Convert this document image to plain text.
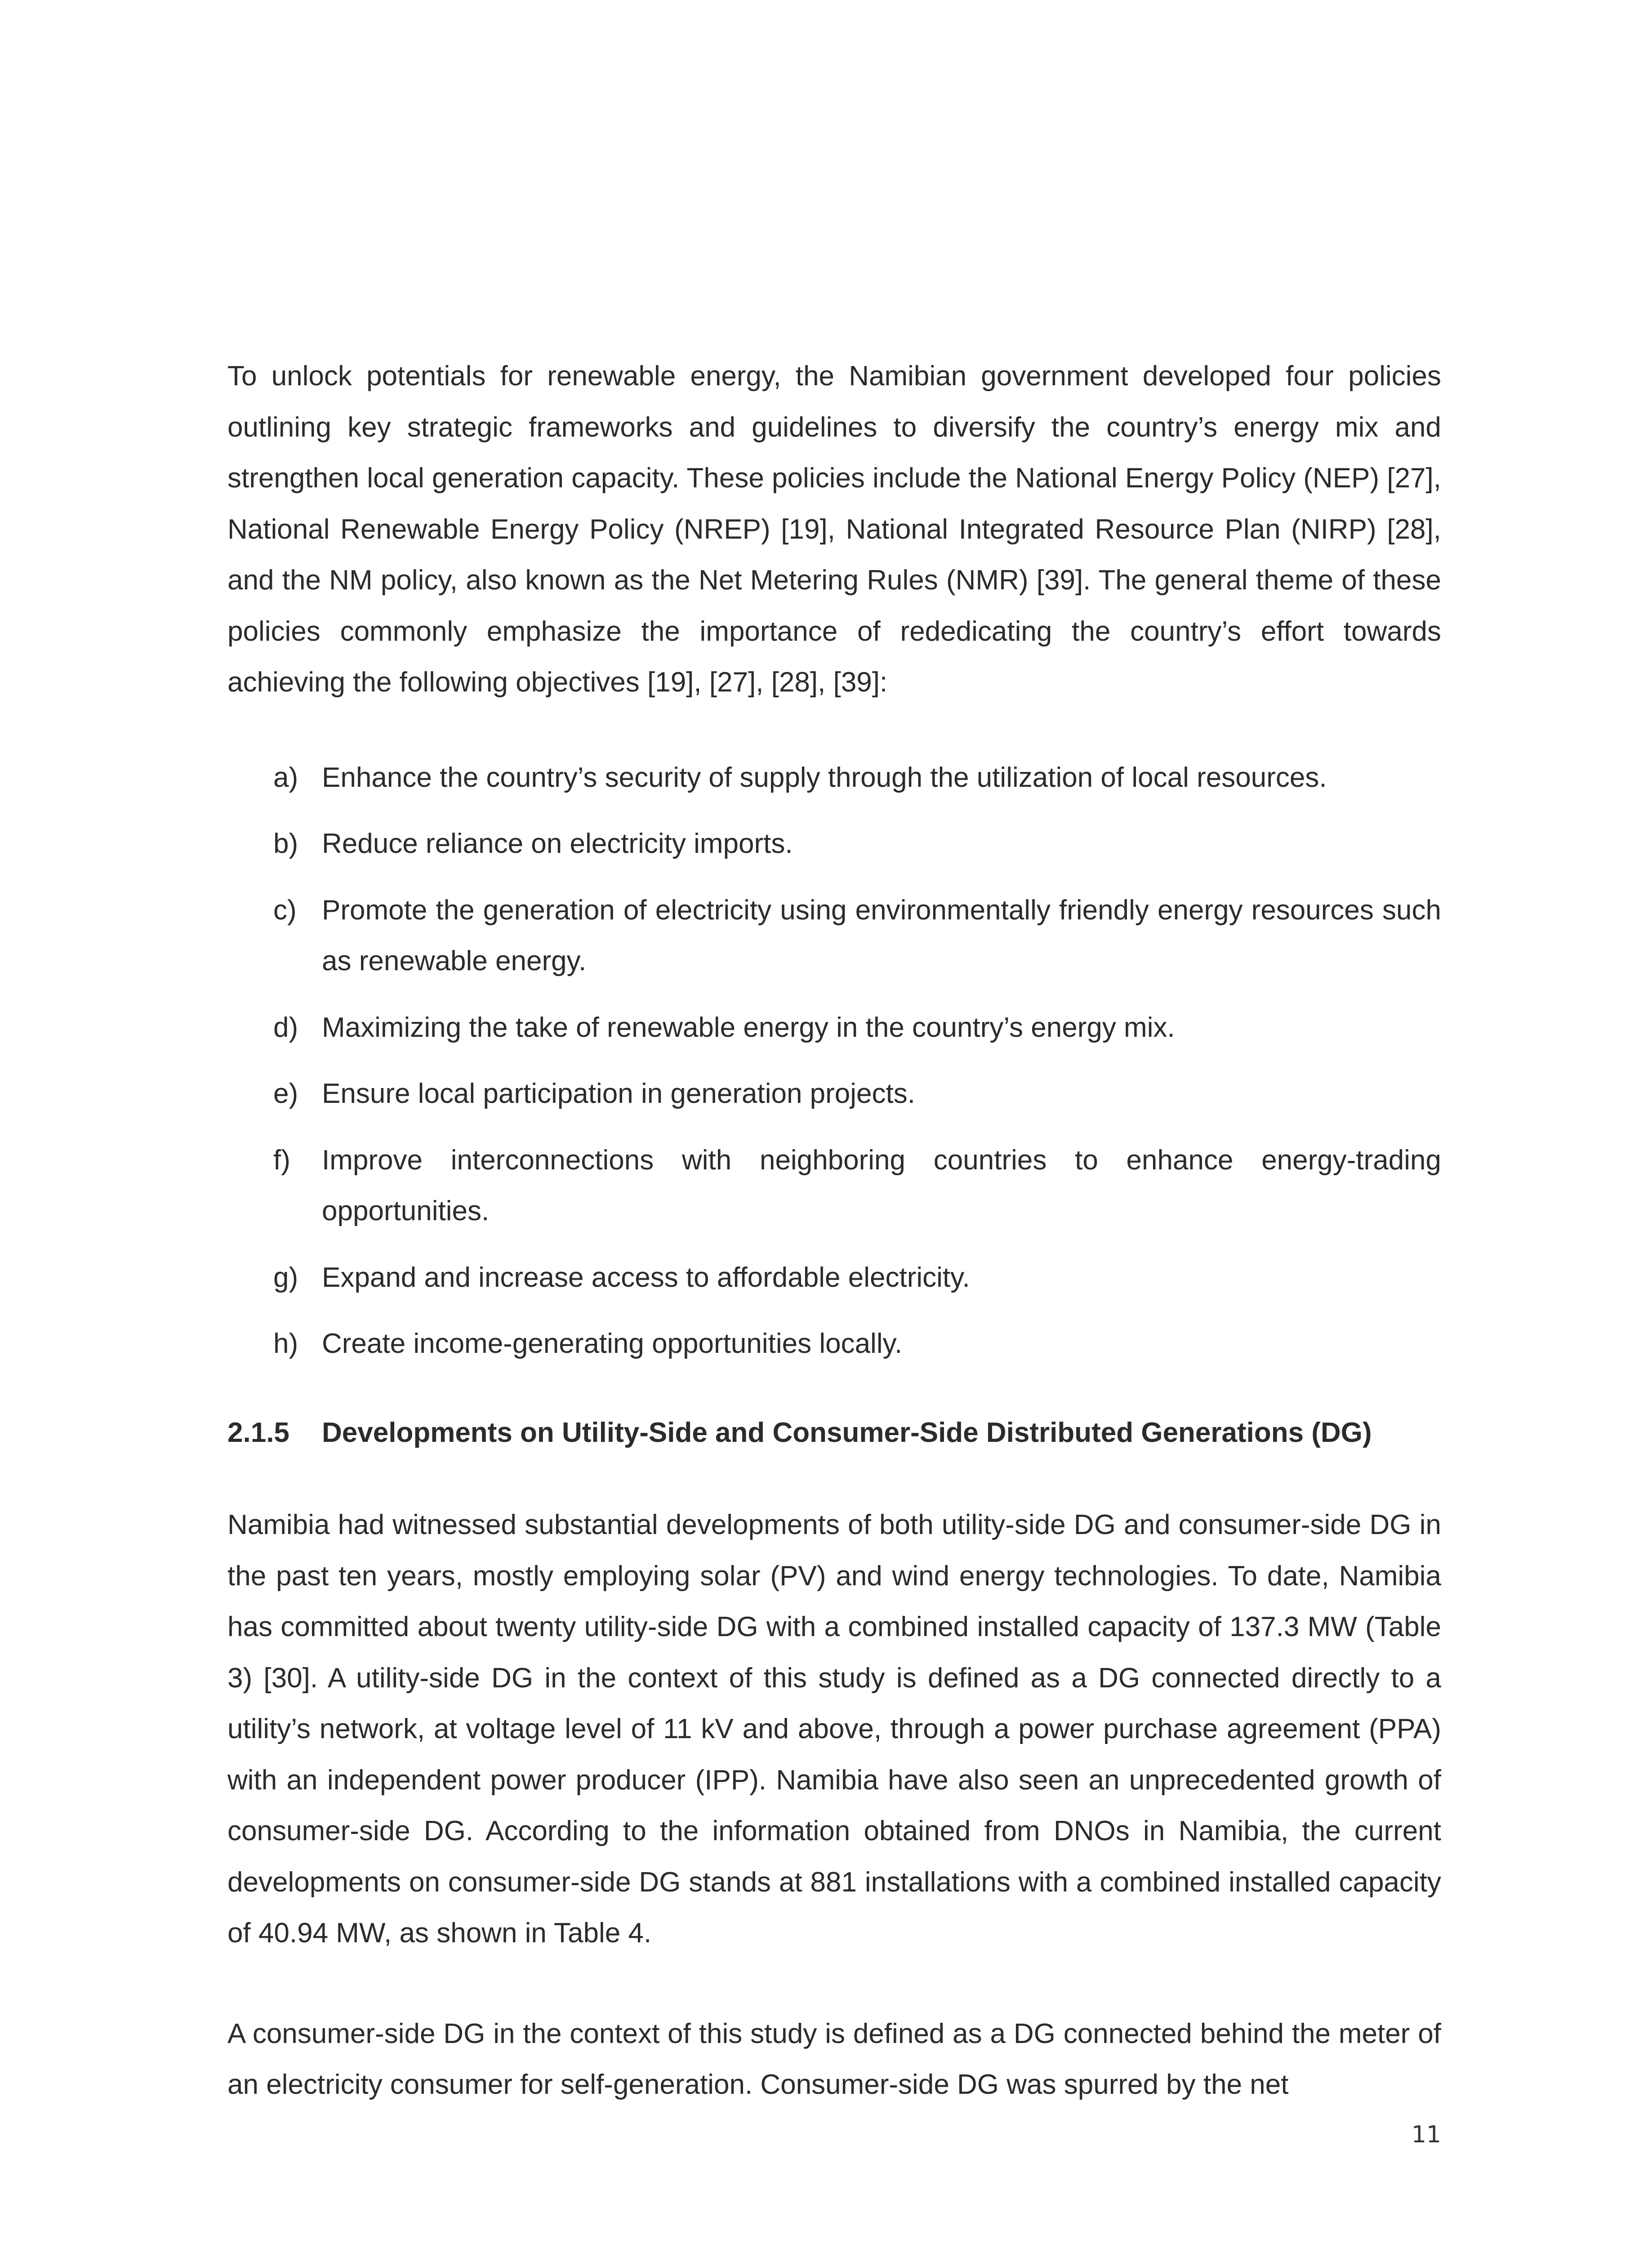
To unlock potentials for renewable energy, the Namibian government developed four policies outlining key strategic frameworks and guidelines to diversify the country’s energy mix and strengthen local generation capacity. These policies include the National Energy Policy (NEP) [27], National Renewable Energy Policy (NREP) [19], National Integrated Resource Plan (NIRP) [28], and the NM policy, also known as the Net Metering Rules (NMR) [39]. The general theme of these policies commonly emphasize the importance of rededicating the country’s effort towards achieving the following objectives [19], [27], [28], [39]:

a) Enhance the country’s security of supply through the utilization of local resources.
b) Reduce reliance on electricity imports.
c) Promote the generation of electricity using environmentally friendly energy resources such as renewable energy.
d) Maximizing the take of renewable energy in the country’s energy mix.
e) Ensure local participation in generation projects.
f) Improve interconnections with neighboring countries to enhance energy-trading opportunities.
g) Expand and increase access to affordable electricity.
h) Create income-generating opportunities locally.
2.1.5 Developments on Utility-Side and Consumer-Side Distributed Generations (DG)

Namibia had witnessed substantial developments of both utility-side DG and consumer-side DG in the past ten years, mostly employing solar (PV) and wind energy technologies. To date, Namibia has committed about twenty utility-side DG with a combined installed capacity of 137.3 MW (Table 3) [30]. A utility-side DG in the context of this study is defined as a DG connected directly to a utility’s network, at voltage level of 11 kV and above, through a power purchase agreement (PPA) with an independent power producer (IPP). Namibia have also seen an unprecedented growth of consumer-side DG. According to the information obtained from DNOs in Namibia, the current developments on consumer-side DG stands at 881 installations with a combined installed capacity of 40.94 MW, as shown in Table 4.

A consumer-side DG in the context of this study is defined as a DG connected behind the meter of an electricity consumer for self-generation. Consumer-side DG was spurred by the net

11
